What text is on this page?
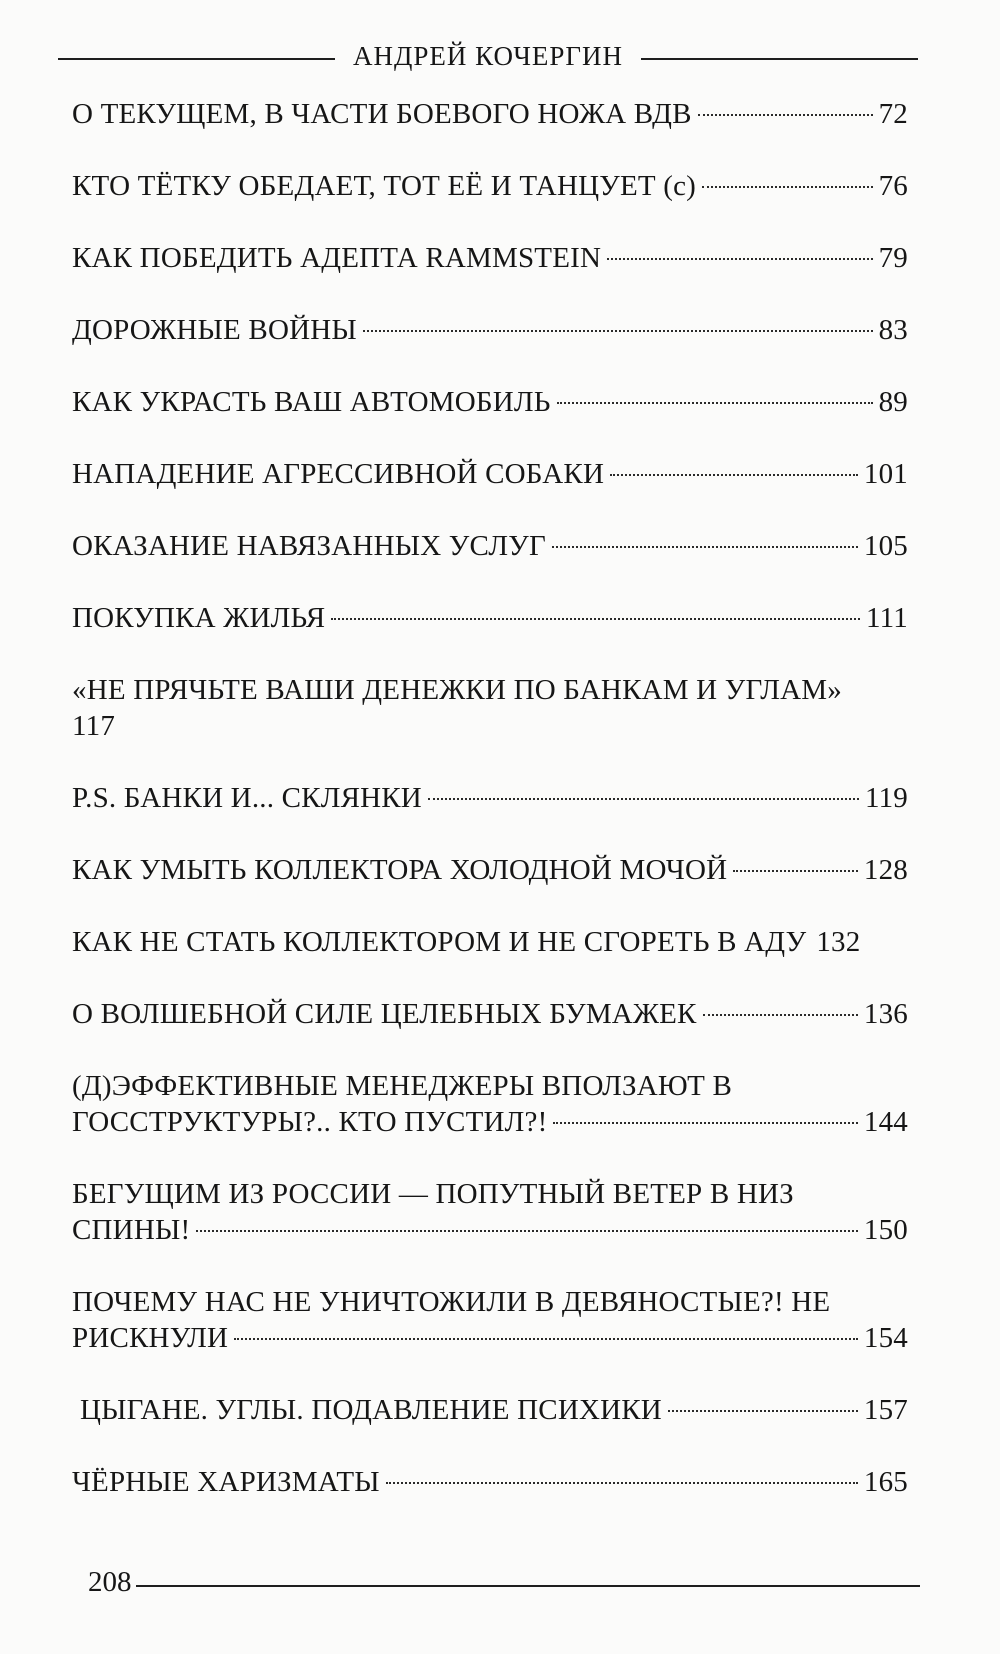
АНДРЕЙ КОЧЕРГИН
О ТЕКУЩЕМ, В ЧАСТИ БОЕВОГО НОЖА ВДВ	72
КТО ТЁТКУ ОБЕДАЕТ, ТОТ ЕЁ И ТАНЦУЕТ (с)	76
КАК ПОБЕДИТЬ АДЕПТА RAMMSTEIN	79
ДОРОЖНЫЕ ВОЙНЫ	83
КАК УКРАСТЬ ВАШ АВТОМОБИЛЬ	89
НАПАДЕНИЕ АГРЕССИВНОЙ СОБАКИ	101
ОКАЗАНИЕ НАВЯЗАННЫХ УСЛУГ	105
ПОКУПКА ЖИЛЬЯ	111
«НЕ ПРЯЧЬТЕ ВАШИ ДЕНЕЖКИ ПО БАНКАМ И УГЛАМ»
117
P.S. БАНКИ И... СКЛЯНКИ	119
КАК УМЫТЬ КОЛЛЕКТОРА ХОЛОДНОЙ МОЧОЙ	128
КАК НЕ СТАТЬ КОЛЛЕКТОРОМ И НЕ СГОРЕТЬ В АДУ 132
О ВОЛШЕБНОЙ СИЛЕ ЦЕЛЕБНЫХ БУМАЖЕК	136
(Д)ЭФФЕКТИВНЫЕ МЕНЕДЖЕРЫ ВПОЛЗАЮТ В
ГОССТРУКТУРЫ?.. КТО ПУСТИЛ?!	144
БЕГУЩИМ ИЗ РОССИИ — ПОПУТНЫЙ ВЕТЕР В НИЗ
СПИНЫ!	150
ПОЧЕМУ НАС НЕ УНИЧТОЖИЛИ В ДЕВЯНОСТЫЕ?! НЕ
РИСКНУЛИ	154
ЦЫГАНЕ. УГЛЫ. ПОДАВЛЕНИЕ ПСИХИКИ	157
ЧЁРНЫЕ ХАРИЗМАТЫ	165
208
